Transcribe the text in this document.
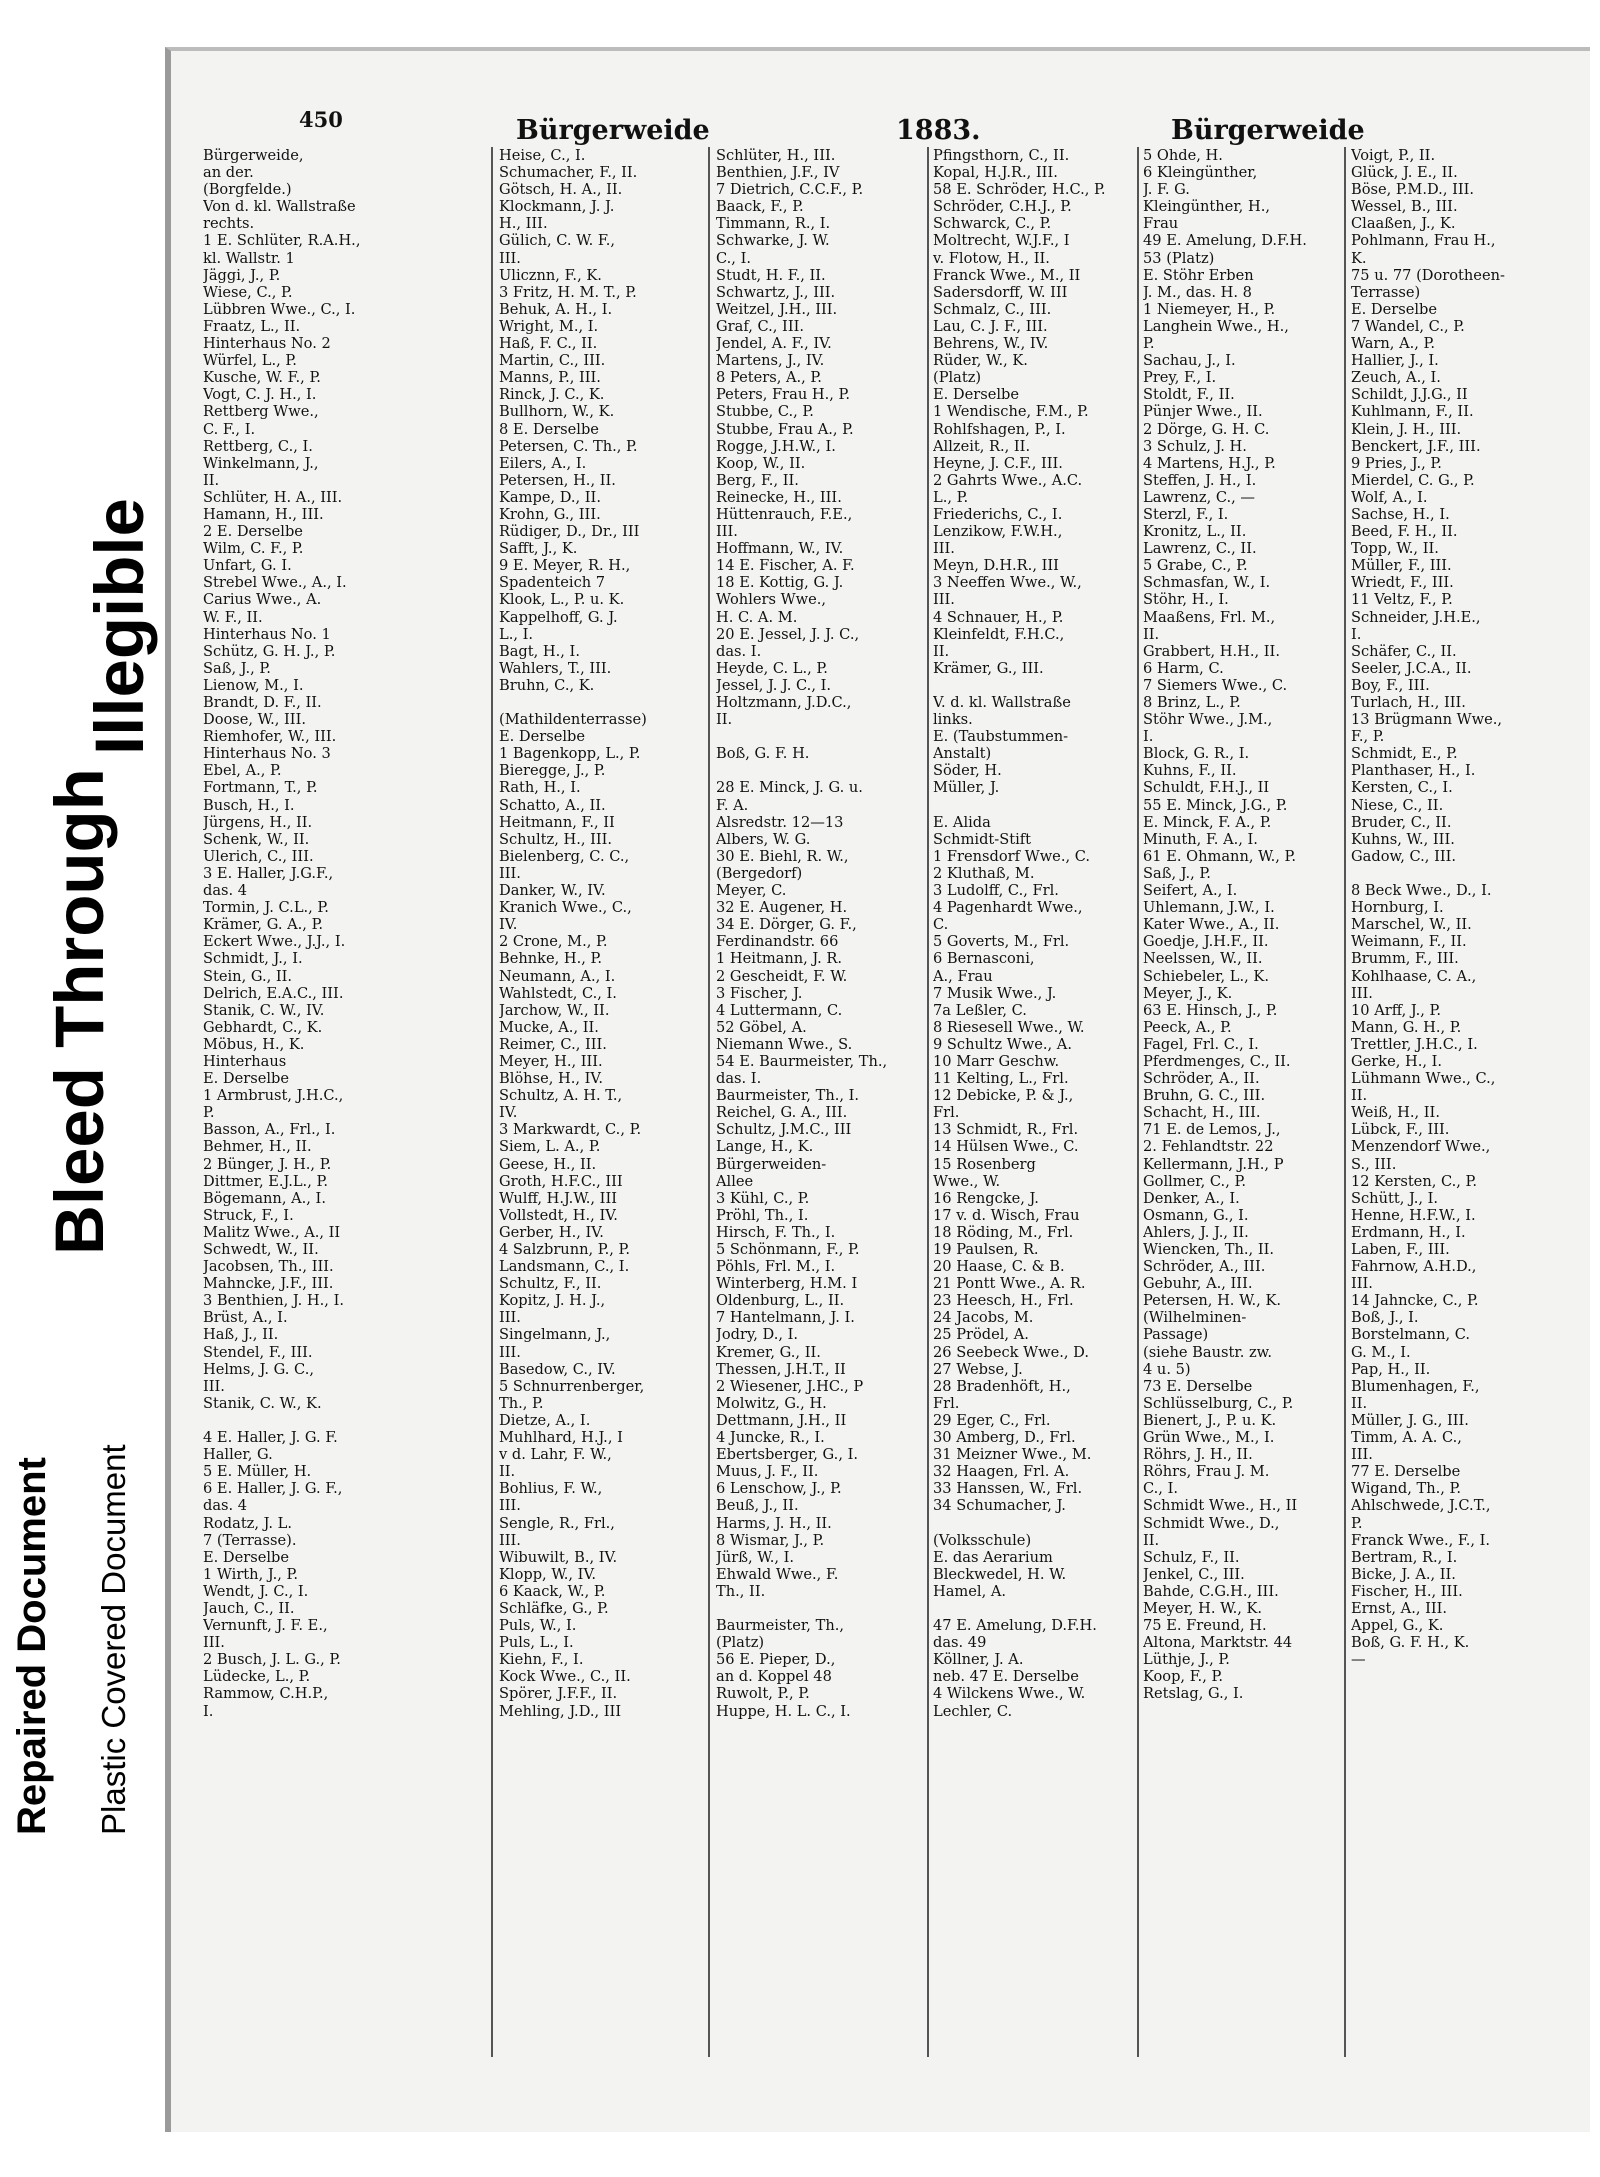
Bleed Through
Illegible
Repaired Document Plastic Covered Document
450	Bürgerweide	1883.	Bürgerweide
Bürgerweide,
an der.
(Borgfelde.)
Von d. kl. Wallstraße
rechts.
1 E. Schlüter, R.A.H.,
kl. Wallstr. 1
Jäggi, J., P.
Wiese, C., P.
Lübbren Wwe., C., I.
Fraatz, L., II.
Hinterhaus No. 2
Würfel, L., P.
Kusche, W. F., P.
Vogt, C. J. H., I.
Rettberg Wwe.,
C. F., I.
Rettberg, C., I.
Winkelmann, J.,
II.
Schlüter, H. A., III.
Hamann, H., III.
2 E. Derselbe
Wilm, C. F., P.
Unfart, G. I.
Strebel Wwe., A., I.
Carius Wwe., A.
W. F., II.
Hinterhaus No. 1
Schütz, G. H. J., P.
Saß, J., P.
Lienow, M., I.
Brandt, D. F., II.
Doose, W., III.
Riemhofer, W., III.
Hinterhaus No. 3
Ebel, A., P.
Fortmann, T., P.
Busch, H., I.
Jürgens, H., II.
Schenk, W., II.
Ulerich, C., III.
3 E. Haller, J.G.F.,
das. 4
Tormin, J. C.L., P.
Krämer, G. A., P.
Eckert Wwe., J.J., I.
Schmidt, J., I.
Stein, G., II.
Delrich, E.A.C., III.
Stanik, C. W., IV.
Gebhardt, C., K.
Möbus, H., K.
Hinterhaus
E. Derselbe
1 Armbrust, J.H.C.,
P.
Basson, A., Frl., I.
Behmer, H., II.
2 Bünger, J. H., P.
Dittmer, E.J.L., P.
Bögemann, A., I.
Struck, F., I.
Malitz Wwe., A., II
Schwedt, W., II.
Jacobsen, Th., III.
Mahncke, J.F., III.
3 Benthien, J. H., I.
Brüst, A., I.
Haß, J., II.
Stendel, F., III.
Helms, J. G. C.,
III.
Stanik, C. W., K.
4 E. Haller, J. G. F.
Haller, G.
5 E. Müller, H.
6 E. Haller, J. G. F.,
das. 4
Rodatz, J. L.
7 (Terrasse).
E. Derselbe
1 Wirth, J., P.
Wendt, J. C., I.
Jauch, C., II.
Vernunft, J. F. E.,
III.
2 Busch, J. L. G., P.
Lüdecke, L., P.
Rammow, C.H.P.,
I.
Heise, C., I.
Schumacher, F., II.
Götsch, H. A., II.
Klockmann, J. J.
H., III.
Gülich, C. W. F.,
III.
Ulicznn, F., K.
3 Fritz, H. M. T., P.
Behuk, A. H., I.
Wright, M., I.
Haß, F. C., II.
Martin, C., III.
Manns, P., III.
Rinck, J. C., K.
Bullhorn, W., K.
8 E. Derselbe
Petersen, C. Th., P.
Eilers, A., I.
Petersen, H., II.
Kampe, D., II.
Krohn, G., III.
Rüdiger, D., Dr., III
Safft, J., K.
9 E. Meyer, R. H.,
Spadenteich 7
Klook, L., P. u. K.
Kappelhoff, G. J.
L., I.
Bagt, H., I.
Wahlers, T., III.
Bruhn, C., K.
(Mathildenterrasse)
E. Derselbe
1 Bagenkopp, L., P.
Bieregge, J., P.
Rath, H., I.
Schatto, A., II.
Heitmann, F., II
Schultz, H., III.
Bielenberg, C. C.,
III.
Danker, W., IV.
Kranich Wwe., C.,
IV.
2 Crone, M., P.
Behnke, H., P.
Neumann, A., I.
Wahlstedt, C., I.
Jarchow, W., II.
Mucke, A., II.
Reimer, C., III.
Meyer, H., III.
Blöhse, H., IV.
Schultz, A. H. T.,
IV.
3 Markwardt, C., P.
Siem, L. A., P.
Geese, H., II.
Groth, H.F.C., III
Wulff, H.J.W., III
Vollstedt, H., IV.
Gerber, H., IV.
4 Salzbrunn, P., P.
Landsmann, C., I.
Schultz, F., II.
Kopitz, J. H. J.,
III.
Singelmann, J.,
III.
Basedow, C., IV.
5 Schnurrenberger,
Th., P.
Dietze, A., I.
Muhlhard, H.J., I
v d. Lahr, F. W.,
II.
Bohlius, F. W.,
III.
Sengle, R., Frl.,
III.
Wibuwilt, B., IV.
Klopp, W., IV.
6 Kaack, W., P.
Schläfke, G., P.
Puls, W., I.
Puls, L., I.
Kiehn, F., I.
Kock Wwe., C., II.
Spörer, J.F.F., II.
Mehling, J.D., III
Schlüter, H., III.
Benthien, J.F., IV
7 Dietrich, C.C.F., P.
Baack, F., P.
Timmann, R., I.
Schwarke, J. W.
C., I.
Studt, H. F., II.
Schwartz, J., III.
Weitzel, J.H., III.
Graf, C., III.
Jendel, A. F., IV.
Martens, J., IV.
8 Peters, A., P.
Peters, Frau H., P.
Stubbe, C., P.
Stubbe, Frau A., P.
Rogge, J.H.W., I.
Koop, W., II.
Berg, F., II.
Reinecke, H., III.
Hüttenrauch, F.E.,
III.
Hoffmann, W., IV.
14 E. Fischer, A. F.
18 E. Kottig, G. J.
Wohlers Wwe.,
H. C. A. M.
20 E. Jessel, J. J. C.,
das. I.
Heyde, C. L., P.
Jessel, J. J. C., I.
Holtzmann, J.D.C.,
II.
Boß, G. F. H.
28 E. Minck, J. G. u.
F. A.
Alsredstr. 12—13
Albers, W. G.
30 E. Biehl, R. W.,
(Bergedorf)
Meyer, C.
32 E. Augener, H.
34 E. Dörger, G. F.,
Ferdinandstr. 66
1 Heitmann, J. R.
2 Gescheidt, F. W.
3 Fischer, J.
4 Luttermann, C.
52 Göbel, A.
Niemann Wwe., S.
54 E. Baurmeister, Th.,
das. I.
Baurmeister, Th., I.
Reichel, G. A., III.
Schultz, J.M.C., III
Lange, H., K.
Bürgerweiden-
Allee
3 Kühl, C., P.
Pröhl, Th., I.
Hirsch, F. Th., I.
5 Schönmann, F., P.
Pöhls, Frl. M., I.
Winterberg, H.M. I
Oldenburg, L., II.
7 Hantelmann, J. I.
Jodry, D., I.
Kremer, G., II.
Thessen, J.H.T., II
2 Wiesener, J.HC., P
Molwitz, G., H.
Dettmann, J.H., II
4 Juncke, R., I.
Ebertsberger, G., I.
Muus, J. F., II.
6 Lenschow, J., P.
Beuß, J., II.
Harms, J. H., II.
8 Wismar, J., P.
Jürß, W., I.
Ehwald Wwe., F.
Th., II.
Baurmeister, Th.,
(Platz)
56 E. Pieper, D.,
an d. Koppel 48
Ruwolt, P., P.
Huppe, H. L. C., I.
Pfingsthorn, C., II.
Kopal, H.J.R., III.
58 E. Schröder, H.C., P.
Schröder, C.H.J., P.
Schwarck, C., P.
Moltrecht, W.J.F., I
v. Flotow, H., II.
Franck Wwe., M., II
Sadersdorff, W. III
Schmalz, C., III.
Lau, C. J. F., III.
Behrens, W., IV.
Rüder, W., K.
(Platz)
E. Derselbe
1 Wendische, F.M., P.
Rohlfshagen, P., I.
Allzeit, R., II.
Heyne, J. C.F., III.
2 Gahrts Wwe., A.C.
L., P.
Friederichs, C., I.
Lenzikow, F.W.H.,
III.
Meyn, D.H.R., III
3 Neeffen Wwe., W.,
III.
4 Schnauer, H., P.
Kleinfeldt, F.H.C.,
II.
Krämer, G., III.
V. d. kl. Wallstraße
links.
E. (Taubstummen-
Anstalt)
Söder, H.
Müller, J.
E. Alida
Schmidt-Stift
1 Frensdorf Wwe., C.
2 Kluthaß, M.
3 Ludolff, C., Frl.
4 Pagenhardt Wwe.,
C.
5 Goverts, M., Frl.
6 Bernasconi,
A., Frau
7 Musik Wwe., J.
7a Leßler, C.
8 Riesesell Wwe., W.
9 Schultz Wwe., A.
10 Marr Geschw.
11 Kelting, L., Frl.
12 Debicke, P. & J.,
Frl.
13 Schmidt, R., Frl.
14 Hülsen Wwe., C.
15 Rosenberg
Wwe., W.
16 Rengcke, J.
17 v. d. Wisch, Frau
18 Röding, M., Frl.
19 Paulsen, R.
20 Haase, C. & B.
21 Pontt Wwe., A. R.
23 Heesch, H., Frl.
24 Jacobs, M.
25 Prödel, A.
26 Seebeck Wwe., D.
27 Webse, J.
28 Bradenhöft, H.,
Frl.
29 Eger, C., Frl.
30 Amberg, D., Frl.
31 Meizner Wwe., M.
32 Haagen, Frl. A.
33 Hanssen, W., Frl.
34 Schumacher, J.
(Volksschule)
E. das Aerarium
Bleckwedel, H. W.
Hamel, A.
47 E. Amelung, D.F.H.
das. 49
Köllner, J. A.
neb. 47 E. Derselbe
4 Wilckens Wwe., W.
Lechler, C.
5 Ohde, H.
6 Kleingünther,
J. F. G.
Kleingünther, H.,
Frau
49 E. Amelung, D.F.H.
53 (Platz)
E. Stöhr Erben
J. M., das. H. 8
1 Niemeyer, H., P.
Langhein Wwe., H.,
P.
Sachau, J., I.
Prey, F., I.
Stoldt, F., II.
Pünjer Wwe., II.
2 Dörge, G. H. C.
3 Schulz, J. H.
4 Martens, H.J., P.
Steffen, J. H., I.
Lawrenz, C., —
Sterzl, F., I.
Kronitz, L., II.
Lawrenz, C., II.
5 Grabe, C., P.
Schmasfan, W., I.
Stöhr, H., I.
Maaßens, Frl. M.,
II.
Grabbert, H.H., II.
6 Harm, C.
7 Siemers Wwe., C.
8 Brinz, L., P.
Stöhr Wwe., J.M.,
I.
Block, G. R., I.
Kuhns, F., II.
Schuldt, F.H.J., II
55 E. Minck, J.G., P.
E. Minck, F. A., P.
Minuth, F. A., I.
61 E. Ohmann, W., P.
Saß, J., P.
Seifert, A., I.
Uhlemann, J.W., I.
Kater Wwe., A., II.
Goedje, J.H.F., II.
Neelssen, W., II.
Schiebeler, L., K.
Meyer, J., K.
63 E. Hinsch, J., P.
Peeck, A., P.
Fagel, Frl. C., I.
Pferdmenges, C., II.
Schröder, A., II.
Bruhn, G. C., III.
Schacht, H., III.
71 E. de Lemos, J.,
2. Fehlandtstr. 22
Kellermann, J.H., P
Gollmer, C., P.
Denker, A., I.
Osmann, G., I.
Ahlers, J. J., II.
Wiencken, Th., II.
Schröder, A., III.
Gebuhr, A., III.
Petersen, H. W., K.
(Wilhelminen-
Passage)
(siehe Baustr. zw.
4 u. 5)
73 E. Derselbe
Schlüsselburg, C., P.
Bienert, J., P. u. K.
Grün Wwe., M., I.
Röhrs, J. H., II.
Röhrs, Frau J. M.
C., I.
Schmidt Wwe., H., II
Schmidt Wwe., D.,
II.
Schulz, F., II.
Jenkel, C., III.
Bahde, C.G.H., III.
Meyer, H. W., K.
75 E. Freund, H.
Altona, Marktstr. 44
Lüthje, J., P.
Koop, F., P.
Retslag, G., I.
Voigt, P., II.
Glück, J. E., II.
Böse, P.M.D., III.
Wessel, B., III.
Claaßen, J., K.
Pohlmann, Frau H.,
K.
75 u. 77 (Dorotheen-
Terrasse)
E. Derselbe
7 Wandel, C., P.
Warn, A., P.
Hallier, J., I.
Zeuch, A., I.
Schildt, J.J.G., II
Kuhlmann, F., II.
Klein, J. H., III.
Benckert, J.F., III.
9 Pries, J., P.
Mierdel, C. G., P.
Wolf, A., I.
Sachse, H., I.
Beed, F. H., II.
Topp, W., II.
Müller, F., III.
Wriedt, F., III.
11 Veltz, F., P.
Schneider, J.H.E.,
I.
Schäfer, C., II.
Seeler, J.C.A., II.
Boy, F., III.
Turlach, H., III.
13 Brügmann Wwe.,
F., P.
Schmidt, E., P.
Planthaser, H., I.
Kersten, C., I.
Niese, C., II.
Bruder, C., II.
Kuhns, W., III.
Gadow, C., III.
8 Beck Wwe., D., I.
Hornburg, I.
Marschel, W., II.
Weimann, F., II.
Brumm, F., III.
Kohlhaase, C. A.,
III.
10 Arff, J., P.
Mann, G. H., P.
Trettler, J.H.C., I.
Gerke, H., I.
Lühmann Wwe., C.,
II.
Weiß, H., II.
Lübck, F., III.
Menzendorf Wwe.,
S., III.
12 Kersten, C., P.
Schütt, J., I.
Henne, H.F.W., I.
Erdmann, H., I.
Laben, F., III.
Fahrnow, A.H.D.,
III.
14 Jahncke, C., P.
Boß, J., I.
Borstelmann, C.
G. M., I.
Pap, H., II.
Blumenhagen, F.,
II.
Müller, J. G., III.
Timm, A. A. C.,
III.
77 E. Derselbe
Wigand, Th., P.
Ahlschwede, J.C.T.,
P.
Franck Wwe., F., I.
Bertram, R., I.
Bicke, J. A., II.
Fischer, H., III.
Ernst, A., III.
Appel, G., K.
Boß, G. F. H., K.
—
